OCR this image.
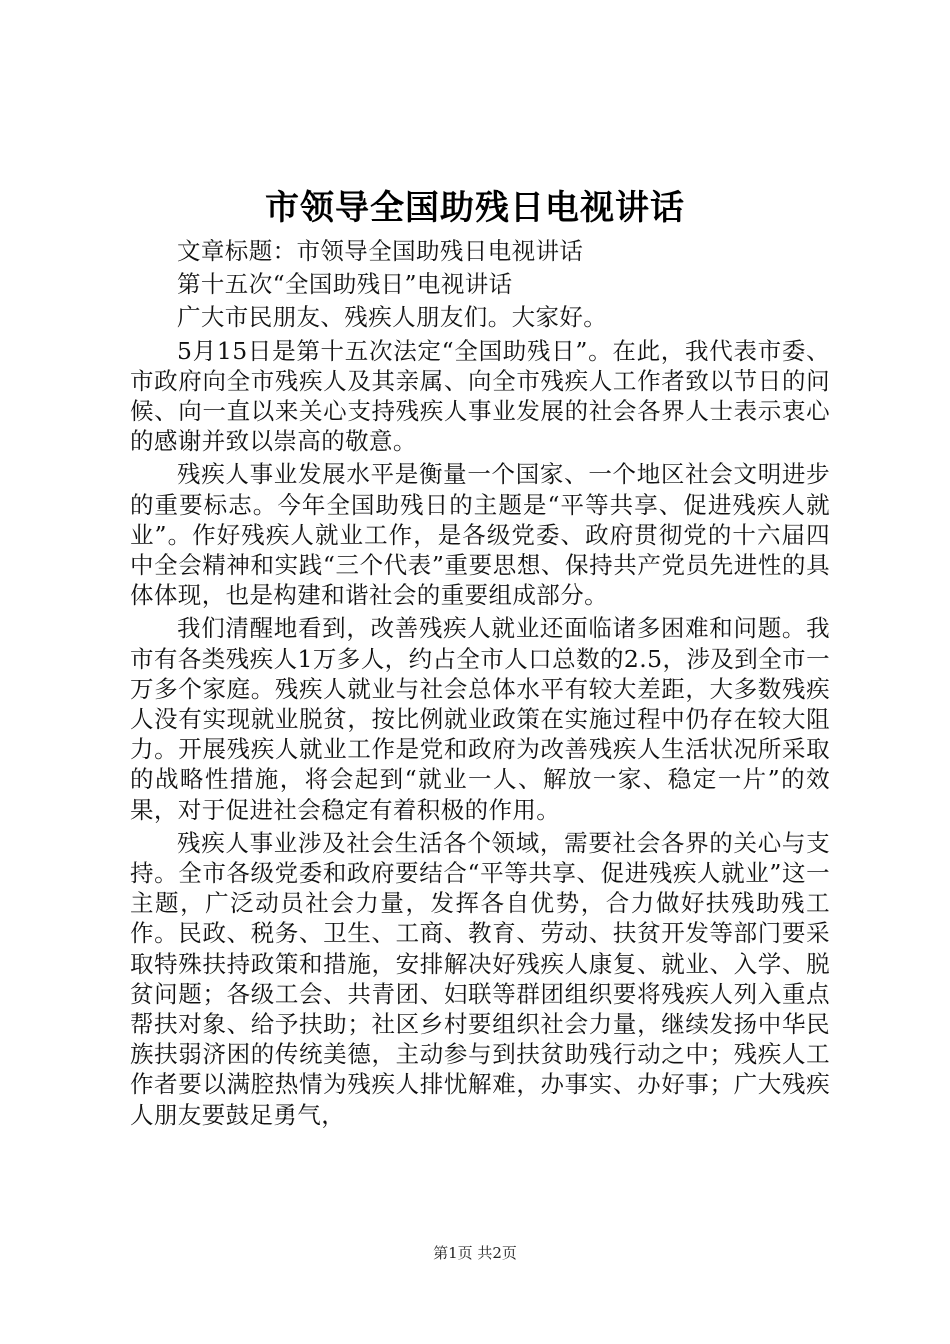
市领导全国助残日电视讲话

文章标题：市领导全国助残日电视讲话

第十五次“全国助残日”电视讲话

广大市民朋友、残疾人朋友们。大家好。

5月15日是第十五次法定“全国助残日”。在此，我代表市委、市政府向全市残疾人及其亲属、向全市残疾人工作者致以节日的问候、向一直以来关心支持残疾人事业发展的社会各界人士表示衷心的感谢并致以崇高的敬意。

残疾人事业发展水平是衡量一个国家、一个地区社会文明进步的重要标志。今年全国助残日的主题是“平等共享、促进残疾人就业”。作好残疾人就业工作，是各级党委、政府贯彻党的十六届四中全会精神和实践“三个代表”重要思想、保持共产党员先进性的具体体现，也是构建和谐社会的重要组成部分。

我们清醒地看到，改善残疾人就业还面临诸多困难和问题。我市有各类残疾人1万多人，约占全市人口总数的2.5，涉及到全市一万多个家庭。残疾人就业与社会总体水平有较大差距，大多数残疾人没有实现就业脱贫，按比例就业政策在实施过程中仍存在较大阻力。开展残疾人就业工作是党和政府为改善残疾人生活状况所采取的战略性措施，将会起到“就业一人、解放一家、稳定一片”的效果，对于促进社会稳定有着积极的作用。

残疾人事业涉及社会生活各个领域，需要社会各界的关心与支持。全市各级党委和政府要结合“平等共享、促进残疾人就业”这一主题，广泛动员社会力量，发挥各自优势，合力做好扶残助残工作。民政、税务、卫生、工商、教育、劳动、扶贫开发等部门要采取特殊扶持政策和措施，安排解决好残疾人康复、就业、入学、脱贫问题；各级工会、共青团、妇联等群团组织要将残疾人列入重点帮扶对象、给予扶助；社区乡村要组织社会力量，继续发扬中华民族扶弱济困的传统美德，主动参与到扶贫助残行动之中；残疾人工作者要以满腔热情为残疾人排忧解难，办事实、办好事；广大残疾人朋友要鼓足勇气，

第1页 共2页
